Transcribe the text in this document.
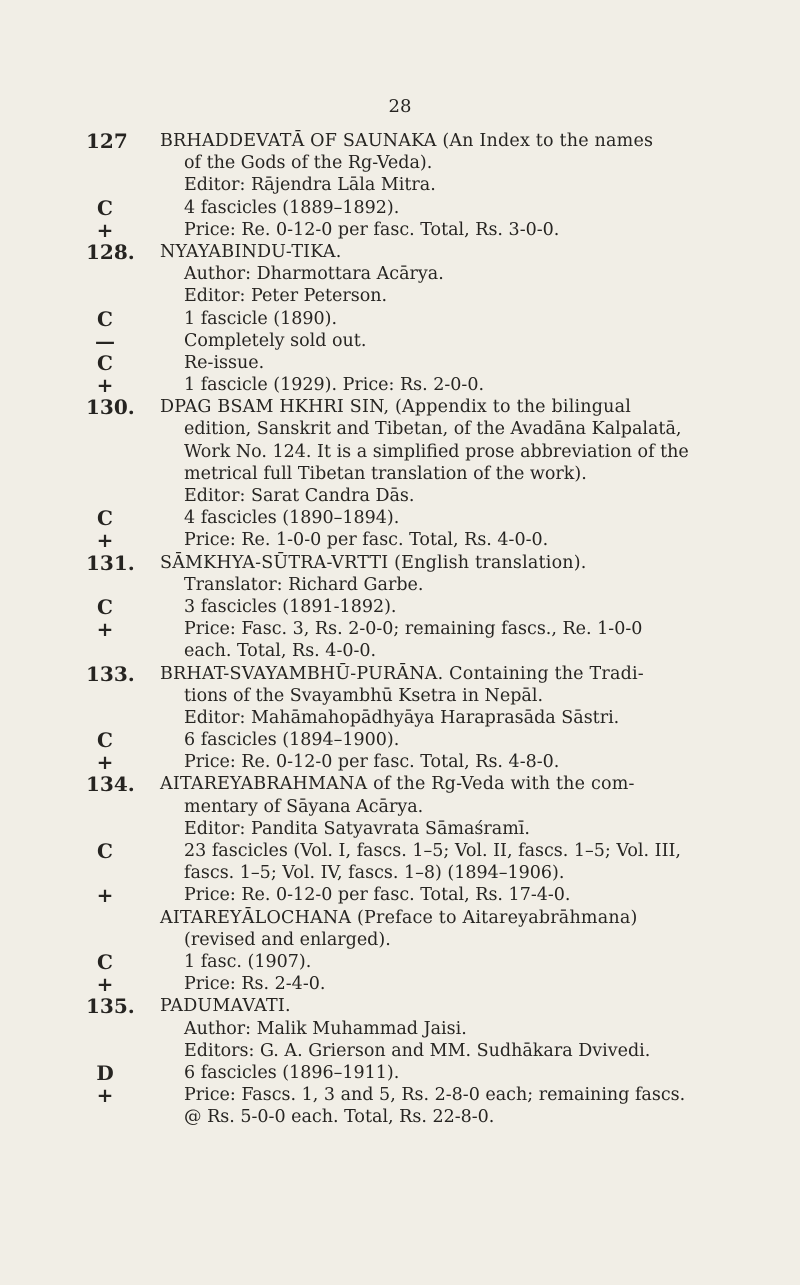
28
127	BRHADDEVATĀ OF SAUNAKA (An Index to the names
of the Gods of the Rg-Veda).
Editor: Rājendra Lāla Mitra.
C	4 fascicles (1889–1892).
+	Price: Re. 0-12-0 per fasc. Total, Rs. 3-0-0.
128. NYAYABINDU-TIKA.
Author: Dharmottara Acārya.
Editor: Peter Peterson.
C	1 fascicle (1890).
—	Completely sold out.
C	Re-issue.
+	1 fascicle (1929). Price: Rs. 2-0-0.
130. DPAG BSAM HKHRI SIN, (Appendix to the bilingual
edition, Sanskrit and Tibetan, of the Avadāna Kalpalatā,
Work No. 124. It is a simplified prose abbreviation of the
metrical full Tibetan translation of the work).
Editor: Sarat Candra Dās.
C	4 fascicles (1890–1894).
+	Price: Re. 1-0-0 per fasc. Total, Rs. 4-0-0.
131. SĀMKHYA-SŪTRA-VRTTI (English translation).
Translator: Richard Garbe.
C	3 fascicles (1891-1892).
+	Price: Fasc. 3, Rs. 2-0-0; remaining fascs., Re. 1-0-0
each. Total, Rs. 4-0-0.
133. BRHAT-SVAYAMBHŪ-PURĀNA. Containing the Tradi-
tions of the Svayambhū Ksetra in Nepāl.
Editor: Mahāmahopādhyāya Haraprasāda Sāstri.
C	6 fascicles (1894–1900).
+	Price: Re. 0-12-0 per fasc. Total, Rs. 4-8-0.
134. AITAREYABRAHMANA of the Rg-Veda with the com-
mentary of Sāyana Acārya.
Editor: Pandita Satyavrata Sāmaśramī.
C	23 fascicles (Vol. I, fascs. 1–5; Vol. II, fascs. 1–5; Vol. III,
fascs. 1–5; Vol. IV, fascs. 1–8) (1894–1906).
+	Price: Re. 0-12-0 per fasc. Total, Rs. 17-4-0.
AITAREYĀLOCHANA (Preface to Aitareyabrāhmana)
(revised and enlarged).
C	1 fasc. (1907).
+	Price: Rs. 2-4-0.
135. PADUMAVATI.
Author: Malik Muhammad Jaisi.
Editors: G. A. Grierson and MM. Sudhākara Dvivedi.
D	6 fascicles (1896–1911).
+	Price: Fascs. 1, 3 and 5, Rs. 2-8-0 each; remaining fascs.
@ Rs. 5-0-0 each. Total, Rs. 22-8-0.
